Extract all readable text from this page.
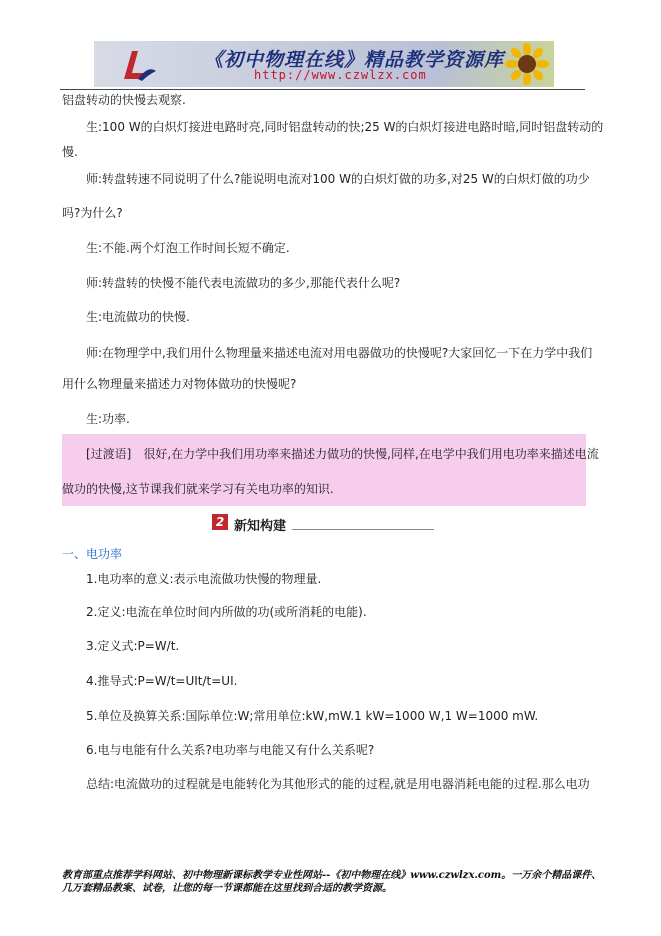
《初中物理在线》精品教学资源库
http://www.czwlzx.com
铝盘转动的快慢去观察.
生:100 W的白炽灯接进电路时亮,同时铝盘转动的快;25 W的白炽灯接进电路时暗,同时铝盘转动的
慢.
师:转盘转速不同说明了什么?能说明电流对100 W的白炽灯做的功多,对25 W的白炽灯做的功少
吗?为什么?
生:不能.两个灯泡工作时间长短不确定.
师:转盘转的快慢不能代表电流做功的多少,那能代表什么呢?
生:电流做功的快慢.
师:在物理学中,我们用什么物理量来描述电流对用电器做功的快慢呢?大家回忆一下在力学中我们
用什么物理量来描述力对物体做功的快慢呢?
生:功率.
[过渡语]　很好,在力学中我们用功率来描述力做功的快慢,同样,在电学中我们用电功率来描述电流
做功的快慢,这节课我们就来学习有关电功率的知识.
2 新知构建
一、电功率
1.电功率的意义:表示电流做功快慢的物理量.
2.定义:电流在单位时间内所做的功(或所消耗的电能).
3.定义式:P=W/t.
4.推导式:P=W/t=UIt/t=UI.
5.单位及换算关系:国际单位:W;常用单位:kW,mW.1 kW=1000 W,1 W=1000 mW.
6.电与电能有什么关系?电功率与电能又有什么关系呢?
总结:电流做功的过程就是电能转化为其他形式的能的过程,就是用电器消耗电能的过程.那么电功
教育部重点推荐学科网站、初中物理新课标教学专业性网站--《初中物理在线》www.czwlzx.com。一万余个精品课件、
几万套精品教案、试卷，让您的每一节课都能在这里找到合适的教学资源。
